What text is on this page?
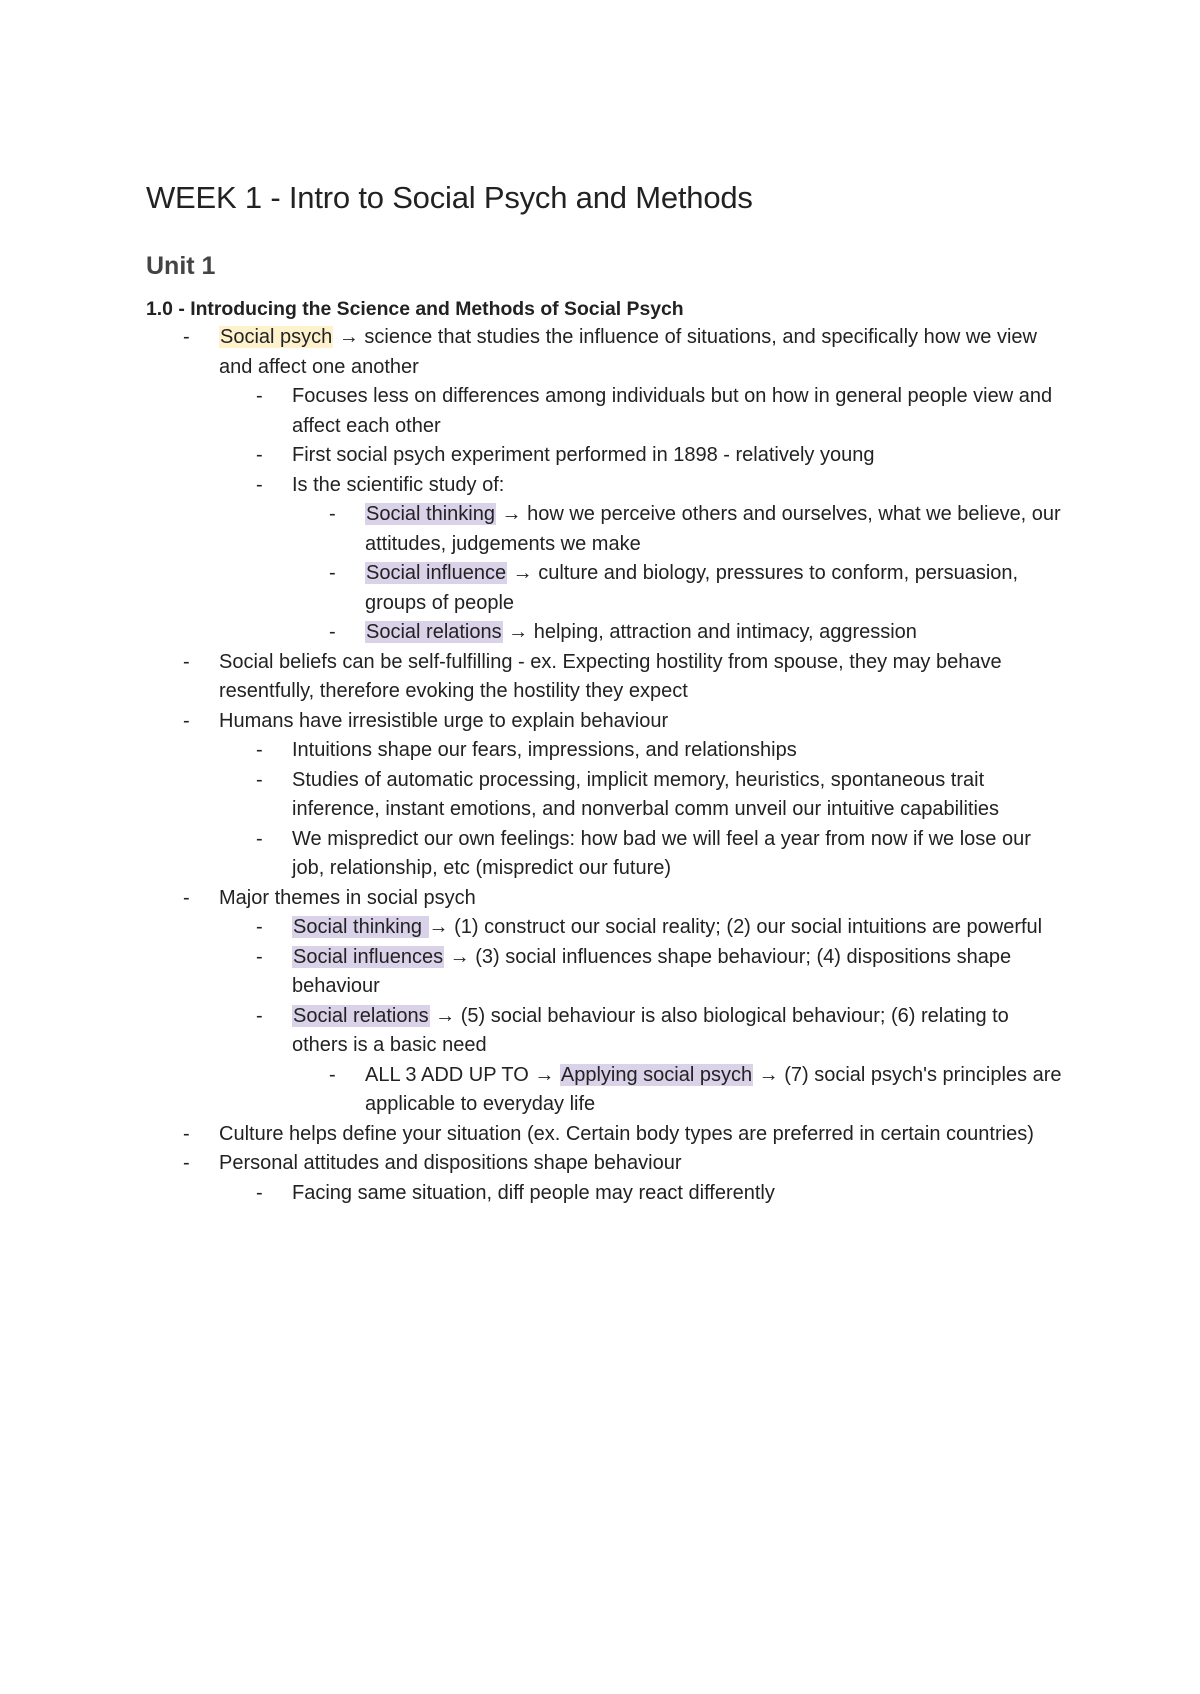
WEEK 1 - Intro to Social Psych and Methods
Unit 1
1.0 - Introducing the Science and Methods of Social Psych
- Social psych → science that studies the influence of situations, and specifically how we view and affect one another
- Focuses less on differences among individuals but on how in general people view and affect each other
- First social psych experiment performed in 1898 - relatively young
- Is the scientific study of:
- Social thinking → how we perceive others and ourselves, what we believe, our attitudes, judgements we make
- Social influence → culture and biology, pressures to conform, persuasion, groups of people
- Social relations → helping, attraction and intimacy, aggression
- Social beliefs can be self-fulfilling - ex. Expecting hostility from spouse, they may behave resentfully, therefore evoking the hostility they expect
- Humans have irresistible urge to explain behaviour
- Intuitions shape our fears, impressions, and relationships
- Studies of automatic processing, implicit memory, heuristics, spontaneous trait inference, instant emotions, and nonverbal comm unveil our intuitive capabilities
- We mispredict our own feelings: how bad we will feel a year from now if we lose our job, relationship, etc (mispredict our future)
- Major themes in social psych
- Social thinking → (1) construct our social reality; (2) our social intuitions are powerful
- Social influences → (3) social influences shape behaviour; (4) dispositions shape behaviour
- Social relations → (5) social behaviour is also biological behaviour; (6) relating to others is a basic need
- ALL 3 ADD UP TO → Applying social psych → (7) social psych's principles are applicable to everyday life
- Culture helps define your situation (ex. Certain body types are preferred in certain countries)
- Personal attitudes and dispositions shape behaviour
- Facing same situation, diff people may react differently
